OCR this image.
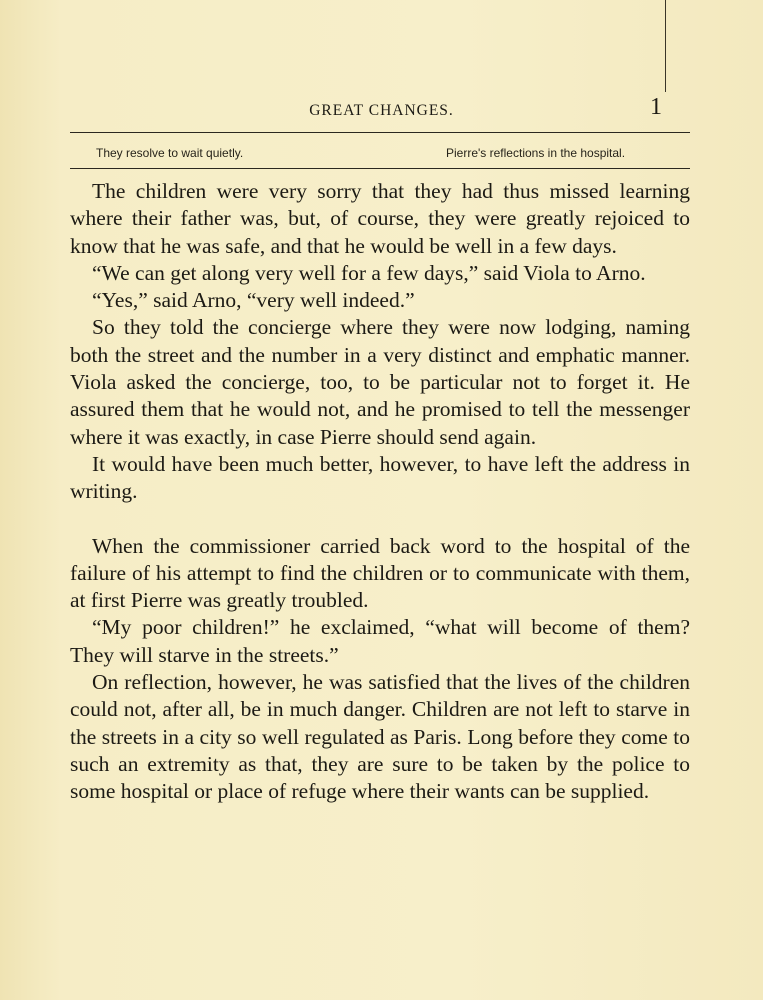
GREAT CHANGES.	1
They resolve to wait quietly.	Pierre's reflections in the hospital.

The children were very sorry that they had thus missed learning where their father was, but, of course, they were greatly rejoiced to know that he was safe, and that he would be well in a few days.

“We can get along very well for a few days,” said Viola to Arno.

“Yes,” said Arno, “very well indeed.”

So they told the concierge where they were now lodging, naming both the street and the number in a very distinct and emphatic manner. Viola asked the concierge, too, to be particular not to forget it. He assured them that he would not, and he promised to tell the messenger where it was exactly, in case Pierre should send again.

It would have been much better, however, to have left the address in writing.

When the commissioner carried back word to the hospital of the failure of his attempt to find the children or to communicate with them, at first Pierre was greatly troubled.

“My poor children!” he exclaimed, “what will become of them? They will starve in the streets.”

On reflection, however, he was satisfied that the lives of the children could not, after all, be in much danger. Children are not left to starve in the streets in a city so well regulated as Paris. Long before they come to such an extremity as that, they are sure to be taken by the police to some hospital or place of refuge where their wants can be supplied.
